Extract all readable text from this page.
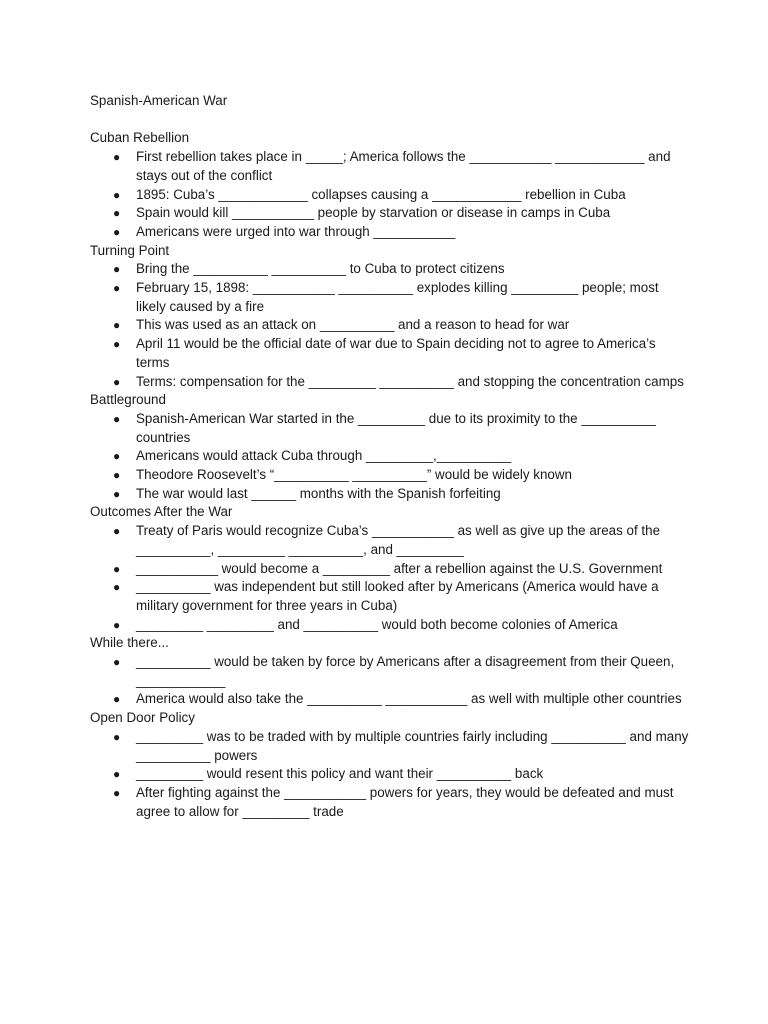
Spanish-American War
Cuban Rebellion
● First rebellion takes place in _____; America follows the ___________ ____________ and stays out of the conflict
● 1895: Cuba’s ____________ collapses causing a ____________ rebellion in Cuba
● Spain would kill ___________ people by starvation or disease in camps in Cuba
● Americans were urged into war through ___________
Turning Point
● Bring the __________ __________ to Cuba to protect citizens
● February 15, 1898: ___________ __________ explodes killing _________ people; most likely caused by a fire
● This was used as an attack on __________ and a reason to head for war
● April 11 would be the official date of war due to Spain deciding not to agree to America’s terms
● Terms: compensation for the _________ __________ and stopping the concentration camps
Battleground
● Spanish-American War started in the _________ due to its proximity to the __________ countries
● Americans would attack Cuba through _________,__________
● Theodore Roosevelt’s “__________ __________” would be widely known
● The war would last ______ months with the Spanish forfeiting
Outcomes After the War
● Treaty of Paris would recognize Cuba’s ___________ as well as give up the areas of the __________, _________ __________, and _________
● ___________ would become a _________ after a rebellion against the U.S. Government
● __________ was independent but still looked after by Americans (America would have a military government for three years in Cuba)
● _________ _________ and __________ would both become colonies of America
While there...
● __________ would be taken by force by Americans after a disagreement from their Queen, ____________
● America would also take the __________ ___________ as well with multiple other countries
Open Door Policy
● _________ was to be traded with by multiple countries fairly including __________ and many __________ powers
● _________ would resent this policy and want their __________ back
● After fighting against the ___________ powers for years, they would be defeated and must agree to allow for _________ trade
